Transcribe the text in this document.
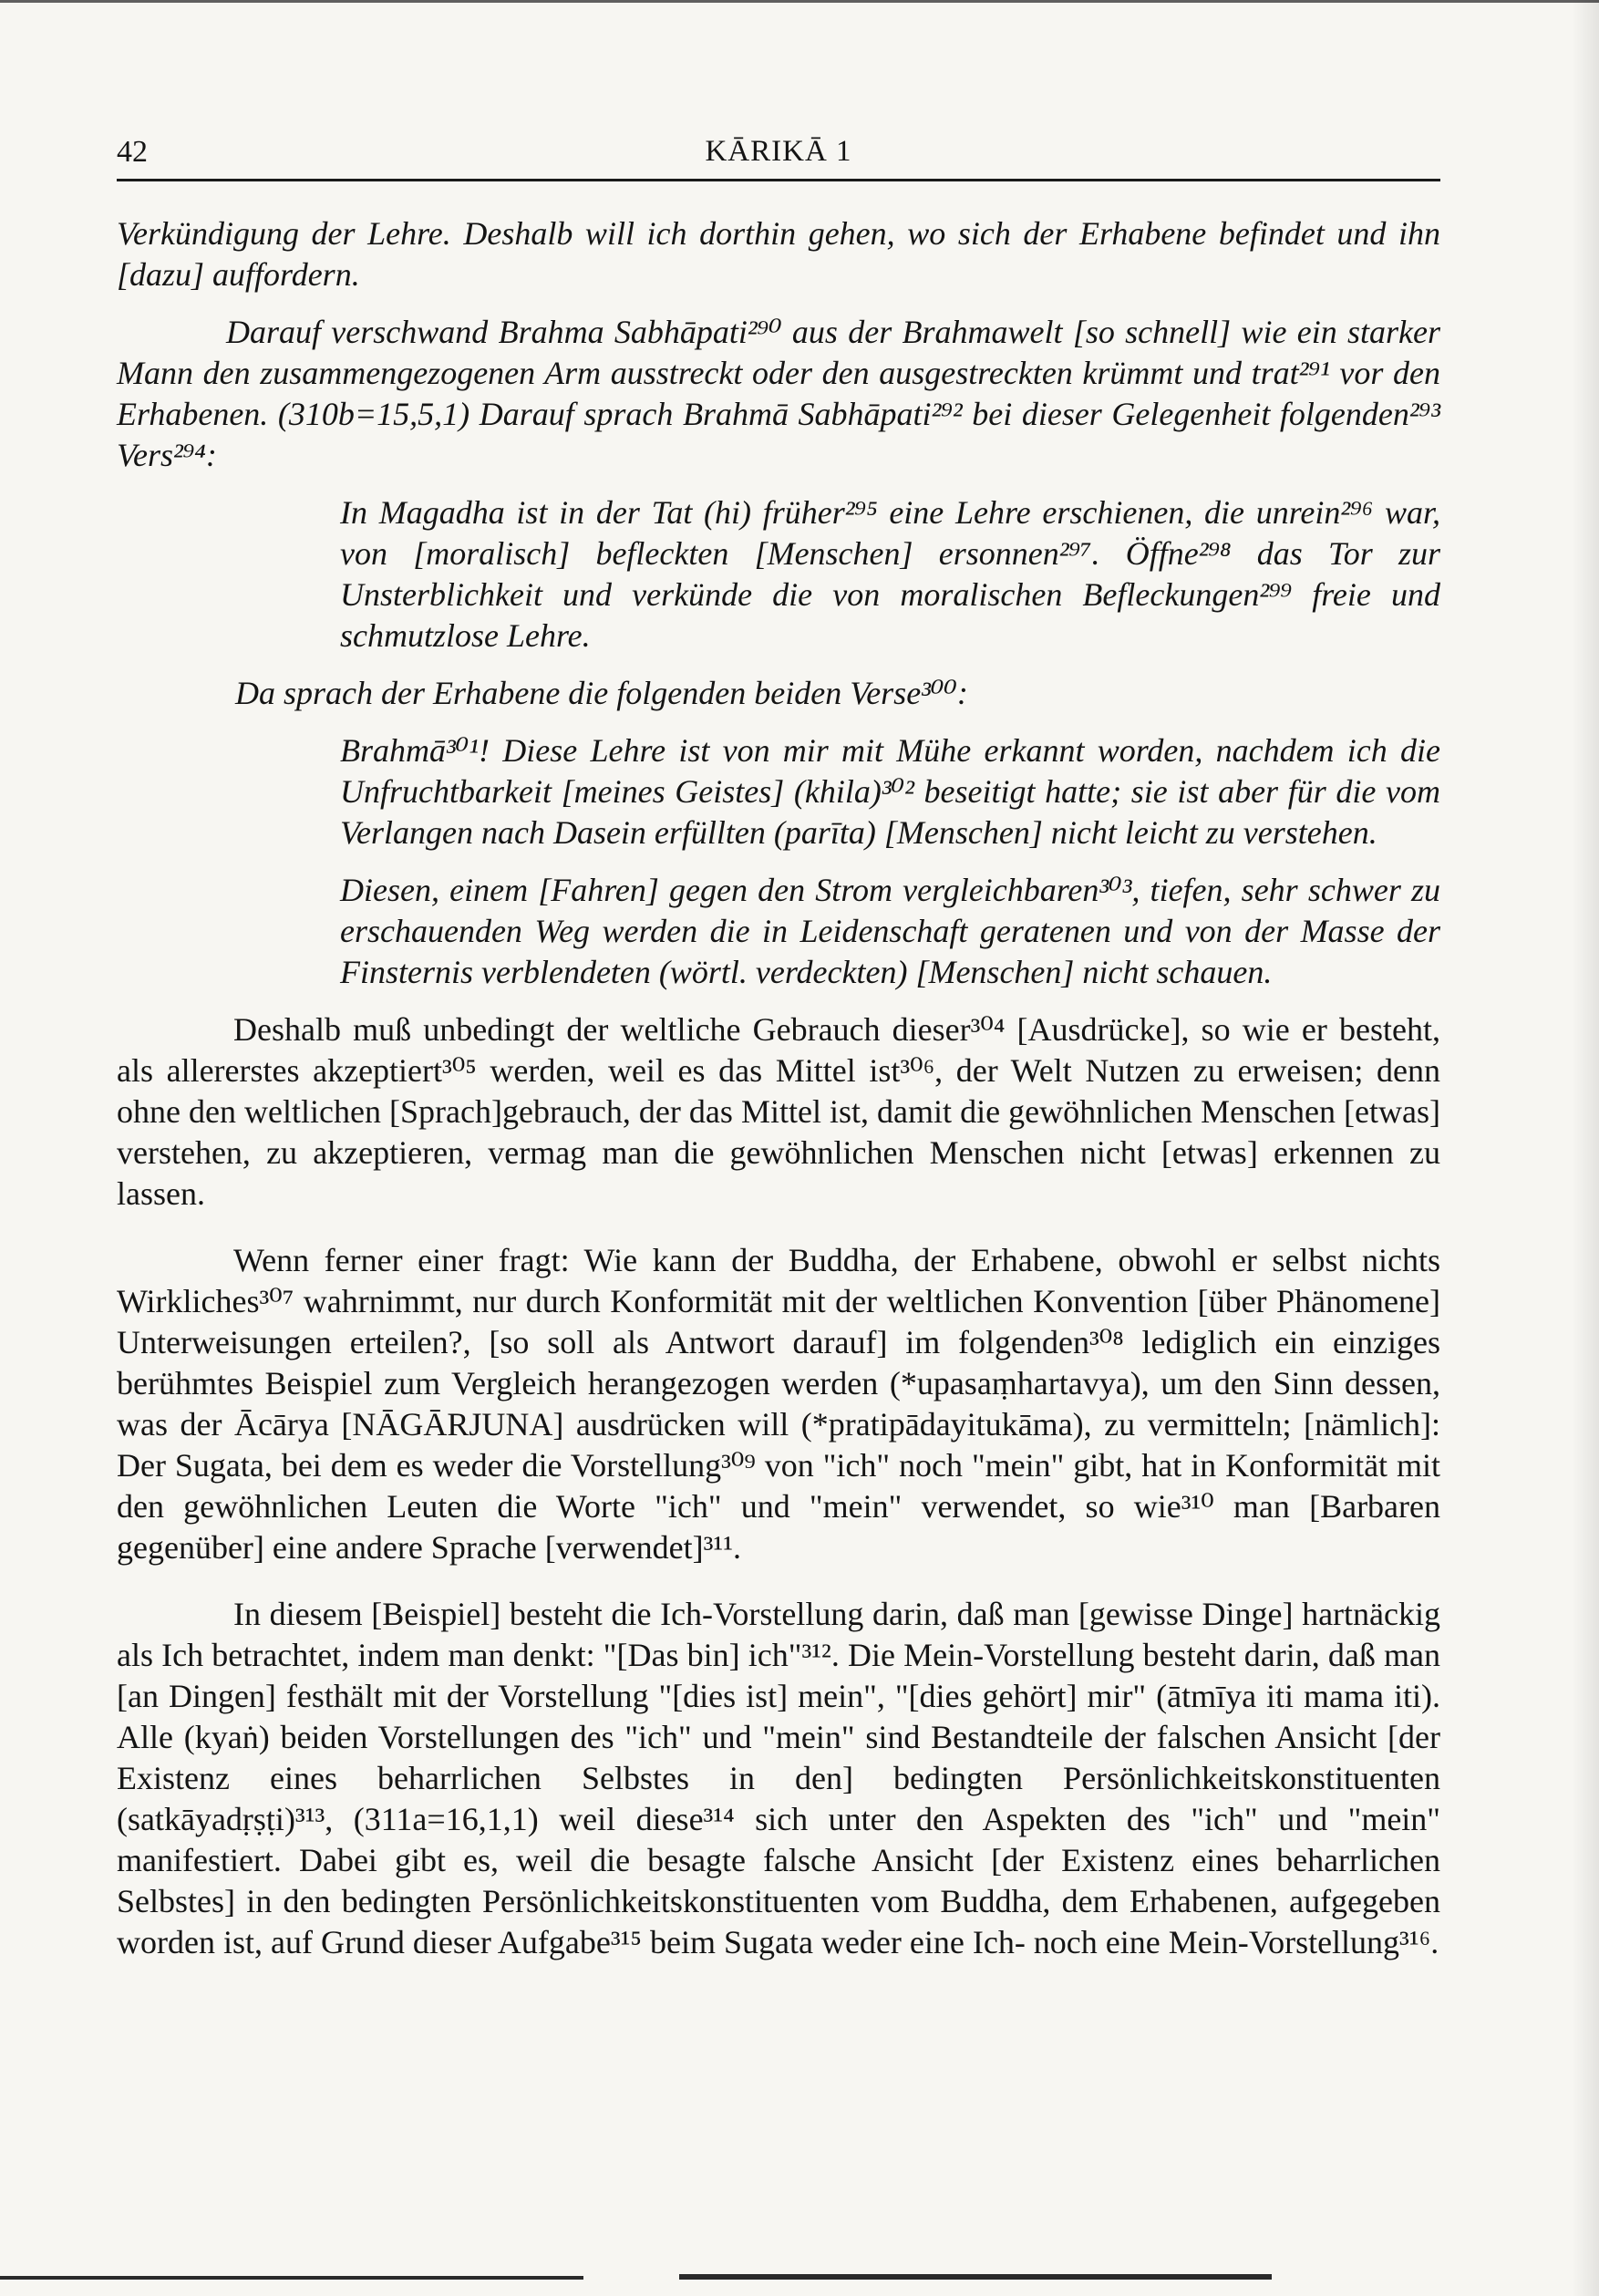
42	KĀRIKĀ 1

Verkündigung der Lehre. Deshalb will ich dorthin gehen, wo sich der Erhabene befindet und ihn [dazu] auffordern.

Darauf verschwand Brahma Sabhāpati²⁹⁰ aus der Brahmawelt [so schnell] wie ein starker Mann den zusammengezogenen Arm ausstreckt oder den ausgestreckten krümmt und trat²⁹¹ vor den Erhabenen. (310b=15,5,1) Darauf sprach Brahmā Sabhāpati²⁹² bei dieser Gelegenheit folgenden²⁹³ Vers²⁹⁴:

In Magadha ist in der Tat (hi) früher²⁹⁵ eine Lehre erschienen, die unrein²⁹⁶ war, von [moralisch] befleckten [Menschen] ersonnen²⁹⁷. Öffne²⁹⁸ das Tor zur Unsterblichkeit und verkünde die von moralischen Befleckungen²⁹⁹ freie und schmutzlose Lehre.

Da sprach der Erhabene die folgenden beiden Verse³⁰⁰:

Brahmā³⁰¹! Diese Lehre ist von mir mit Mühe erkannt worden, nachdem ich die Unfruchtbarkeit [meines Geistes] (khila)³⁰² beseitigt hatte; sie ist aber für die vom Verlangen nach Dasein erfüllten (parīta) [Menschen] nicht leicht zu verstehen.

Diesen, einem [Fahren] gegen den Strom vergleichbaren³⁰³, tiefen, sehr schwer zu erschauenden Weg werden die in Leidenschaft geratenen und von der Masse der Finsternis verblendeten (wörtl. verdeckten) [Menschen] nicht schauen.

Deshalb muß unbedingt der weltliche Gebrauch dieser³⁰⁴ [Ausdrücke], so wie er besteht, als allererstes akzeptiert³⁰⁵ werden, weil es das Mittel ist³⁰⁶, der Welt Nutzen zu erweisen; denn ohne den weltlichen [Sprach]gebrauch, der das Mittel ist, damit die gewöhnlichen Menschen [etwas] verstehen, zu akzeptieren, vermag man die gewöhnlichen Menschen nicht [etwas] erkennen zu lassen.

Wenn ferner einer fragt: Wie kann der Buddha, der Erhabene, obwohl er selbst nichts Wirkliches³⁰⁷ wahrnimmt, nur durch Konformität mit der weltlichen Konvention [über Phänomene] Unterweisungen erteilen?, [so soll als Antwort darauf] im folgenden³⁰⁸ lediglich ein einziges berühmtes Beispiel zum Vergleich herangezogen werden (*upasaṃhartavya), um den Sinn dessen, was der Ācārya [NĀGĀRJUNA] ausdrücken will (*pratipādayitukāma), zu vermitteln; [nämlich]: Der Sugata, bei dem es weder die Vorstellung³⁰⁹ von "ich" noch "mein" gibt, hat in Konformität mit den gewöhnlichen Leuten die Worte "ich" und "mein" verwendet, so wie³¹⁰ man [Barbaren gegenüber] eine andere Sprache [verwendet]³¹¹.

In diesem [Beispiel] besteht die Ich-Vorstellung darin, daß man [gewisse Dinge] hartnäckig als Ich betrachtet, indem man denkt: "[Das bin] ich"³¹². Die Mein-Vorstellung besteht darin, daß man [an Dingen] festhält mit der Vorstellung "[dies ist] mein", "[dies gehört] mir" (ātmīya iti mama iti). Alle (kyaṅ) beiden Vorstellungen des "ich" und "mein" sind Bestandteile der falschen Ansicht [der Existenz eines beharrlichen Selbstes in den] bedingten Persönlichkeitskonstituenten (satkāyadṛṣṭi)³¹³, (311a=16,1,1) weil diese³¹⁴ sich unter den Aspekten des "ich" und "mein" manifestiert. Dabei gibt es, weil die besagte falsche Ansicht [der Existenz eines beharrlichen Selbstes] in den bedingten Persönlichkeitskonstituenten vom Buddha, dem Erhabenen, aufgegeben worden ist, auf Grund dieser Aufgabe³¹⁵ beim Sugata weder eine Ich- noch eine Mein-Vorstellung³¹⁶.
